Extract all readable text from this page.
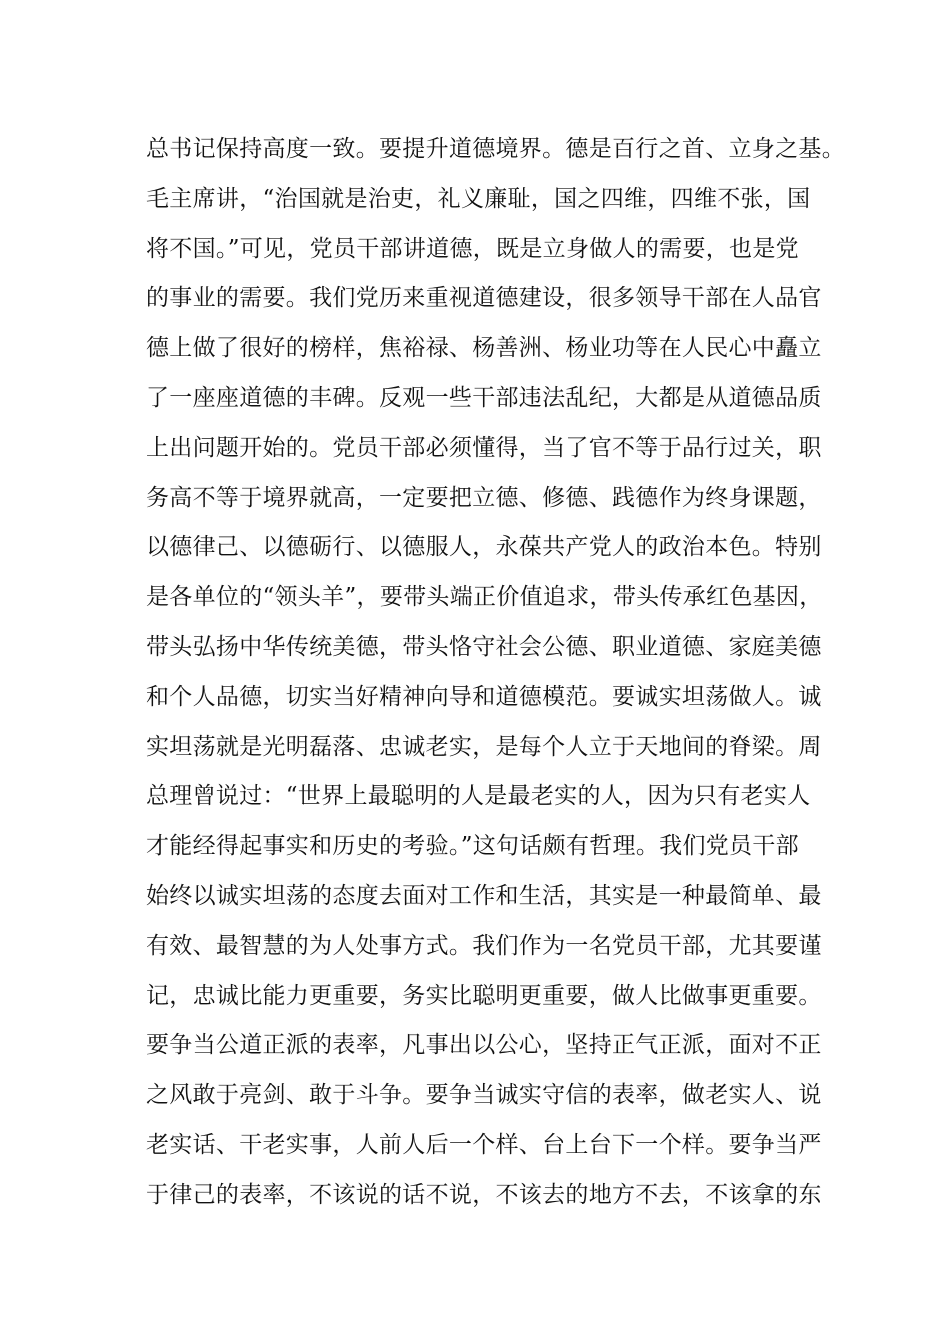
总书记保持高度一致。要提升道德境界。德是百行之首、立身之基。
毛主席讲，“治国就是治吏，礼义廉耻，国之四维，四维不张，国
将不国。”可见，党员干部讲道德，既是立身做人的需要，也是党
的事业的需要。我们党历来重视道德建设，很多领导干部在人品官
德上做了很好的榜样，焦裕禄、杨善洲、杨业功等在人民心中矗立
了一座座道德的丰碑。反观一些干部违法乱纪，大都是从道德品质
上出问题开始的。党员干部必须懂得，当了官不等于品行过关，职
务高不等于境界就高，一定要把立德、修德、践德作为终身课题，
以德律己、以德砺行、以德服人，永葆共产党人的政治本色。特别
是各单位的“领头羊”，要带头端正价值追求，带头传承红色基因，
带头弘扬中华传统美德，带头恪守社会公德、职业道德、家庭美德
和个人品德，切实当好精神向导和道德模范。要诚实坦荡做人。诚
实坦荡就是光明磊落、忠诚老实，是每个人立于天地间的脊梁。周
总理曾说过：“世界上最聪明的人是最老实的人，因为只有老实人
才能经得起事实和历史的考验。”这句话颇有哲理。我们党员干部
始终以诚实坦荡的态度去面对工作和生活，其实是一种最简单、最
有效、最智慧的为人处事方式。我们作为一名党员干部，尤其要谨
记，忠诚比能力更重要，务实比聪明更重要，做人比做事更重要。
要争当公道正派的表率，凡事出以公心，坚持正气正派，面对不正
之风敢于亮剑、敢于斗争。要争当诚实守信的表率，做老实人、说
老实话、干老实事，人前人后一个样、台上台下一个样。要争当严
于律己的表率，不该说的话不说，不该去的地方不去，不该拿的东
